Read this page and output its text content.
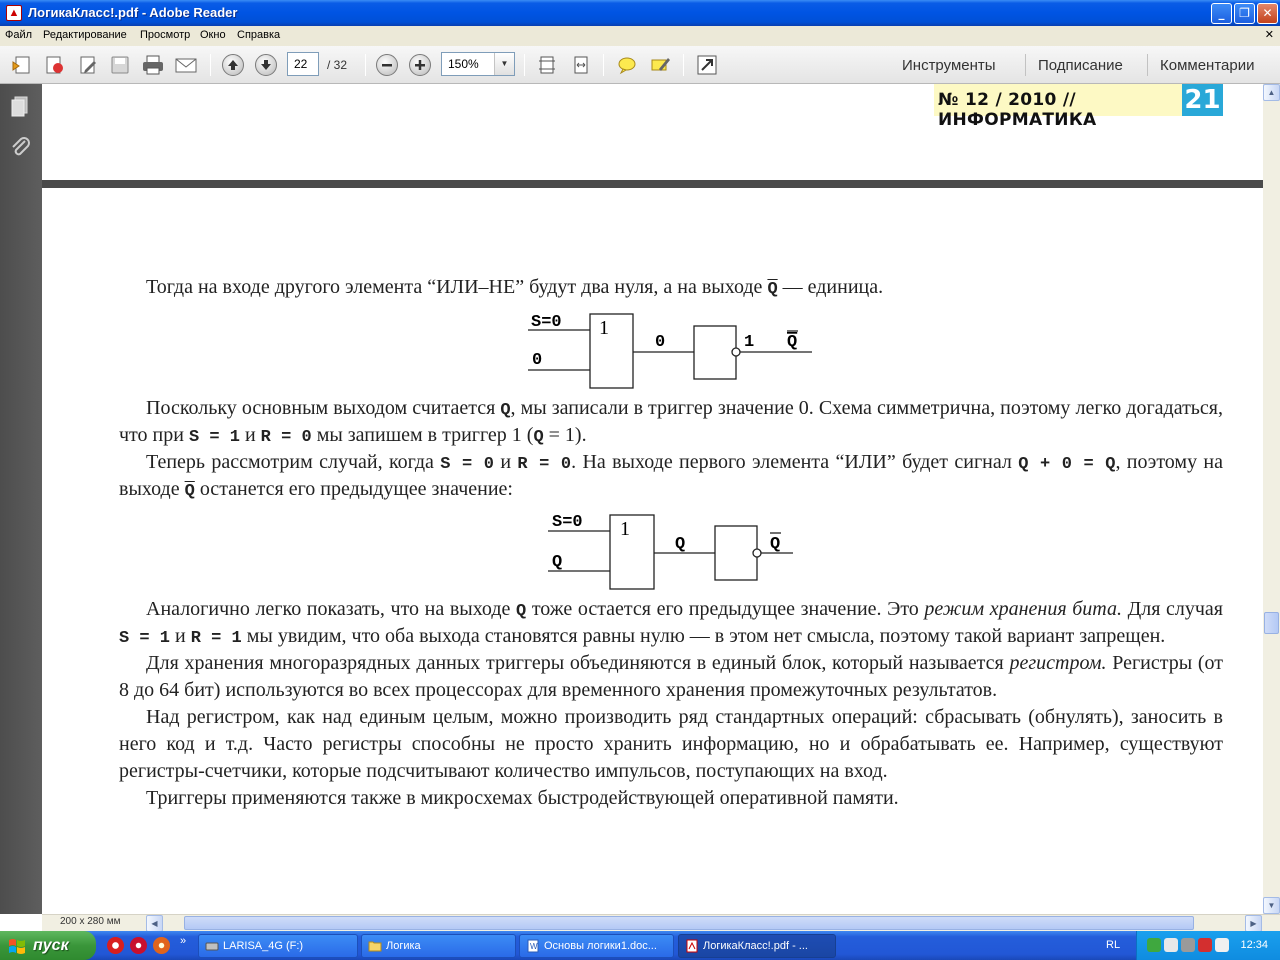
▲ ЛогикаКласс!.pdf - Adobe Reader	_	❐	✕
Файл Редактирование Просмотр Окно Справка	✕
22	/ 32	150%	▼	Инструменты	Подписание Комментарии
№ 12 / 2010 // ИНФОРМАТИКА
21

Тогда на входе другого элемента “ИЛИ–НЕ” будут два нуля, а на выходе $\overline{Q}$ — единица.

S=0
0
1
0	1 Q

Поскольку основным выходом считается Q, мы записали в триггер значение 0. Схема симметрична, поэтому легко догадаться, что при S = 1 и R = 0 мы запишем в триггер 1 (Q = 1).

Теперь рассмотрим случай, когда S = 0 и R = 0. На выходе первого элемента “ИЛИ” будет сигнал Q + 0 = Q, поэтому на выходе $\overline{Q}$ останется его предыдущее значение:

S=0
Q
1
Q	Q

Аналогично легко показать, что на выходе Q тоже остается его предыдущее значение. Это режим хранения бита. Для случая S = 1 и R = 1 мы увидим, что оба выхода становятся равны нулю — в этом нет смысла, поэтому такой вариант запрещен.

Для хранения многоразрядных данных триггеры объединяются в единый блок, который называется регистром. Регистры (от 8 до 64 бит) используются во всех процессорах для временного хранения промежуточных результатов.

Над регистром, как над единым целым, можно производить ряд стандартных операций: сбрасывать (обнулять), заносить в него код и т.д. Часто регистры способны не просто хранить информацию, но и обрабатывать ее. Например, существуют регистры-счетчики, которые подсчитывают количество импульсов, поступающих на вход.

Триггеры применяются также в микросхемах быстродействующей оперативной памяти.

▲
▼
200 x 280 мм	◀	▶
пуск	»	LARISA_4G (F:)	Логика	W Основы логики1.doc...	ЛогикаКласс!.pdf - ...	12:34
RL
